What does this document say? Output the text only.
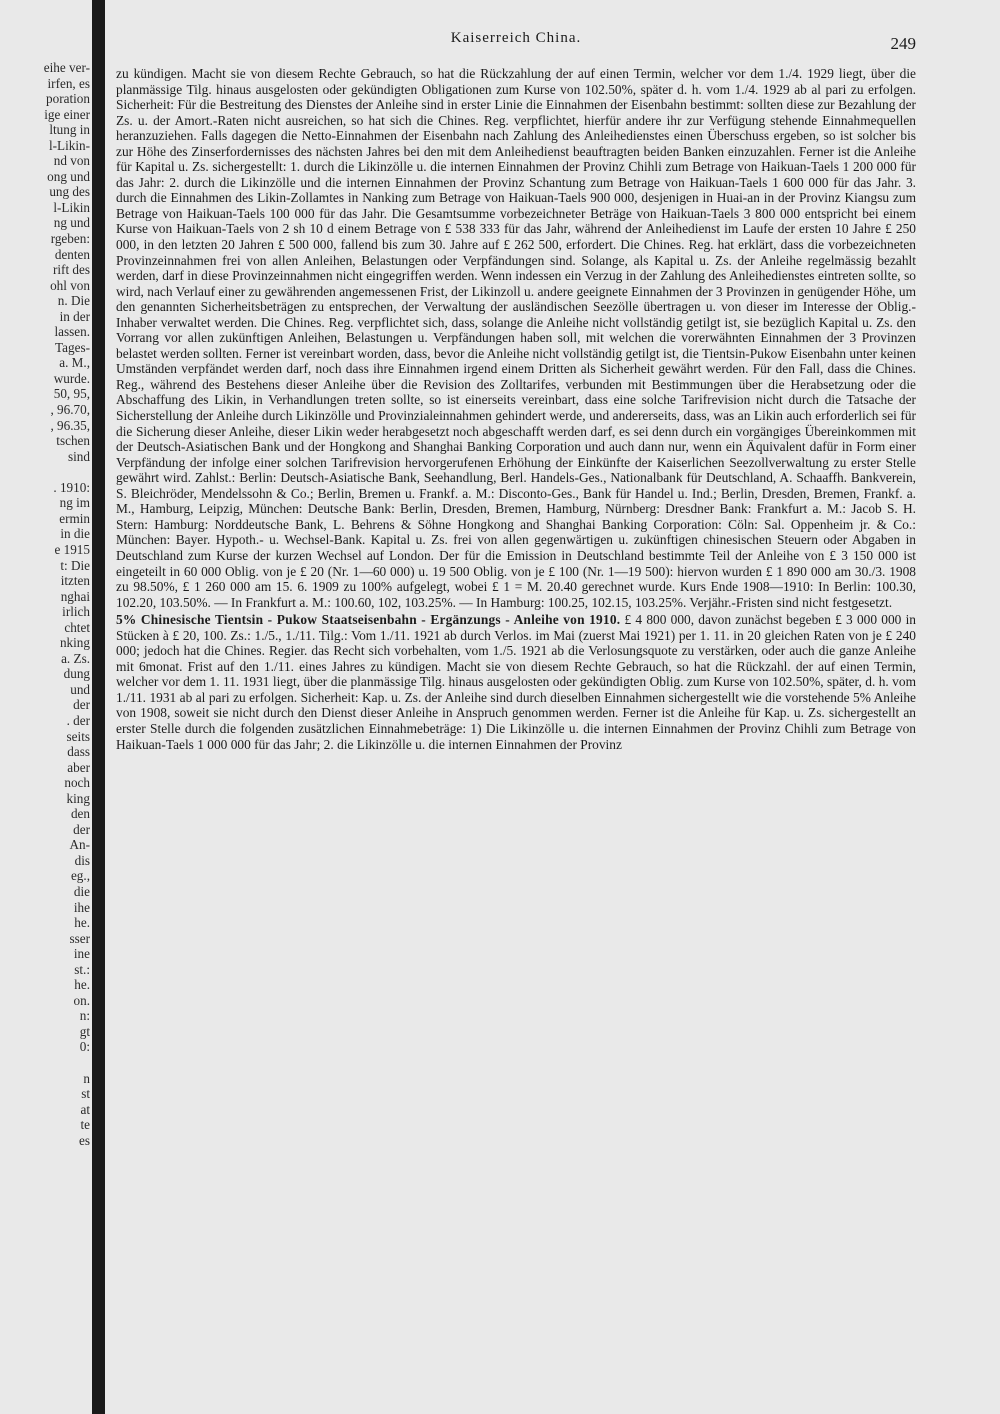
eihe ver-
irfen, es
poration
ige einer
ltung in
l-Likin-
nd von
ong und
ung des
l-Likin
ng und
rgeben:
denten
rift des
ohl von
n. Die
in der
lassen.
Tages-
a. M.,
wurde.
50, 95,
, 96.70,
, 96.35,
tschen
sind
. 1910:
ng im
ermin
in die
e 1915
t: Die
itzten
nghai
irlich
chtet
nking
a. Zs.
dung
und
der
. der
seits
dass
aber
noch
king
den
der
An-
dis
eg.,
die
ihe
he.
sser
ine
st.:
he.
on.
n:
gt
0:
n
st
at
te
es
Kaiserreich China.	249

zu kündigen. Macht sie von diesem Rechte Gebrauch, so hat die Rückzahlung der auf einen Termin, welcher vor dem 1./4. 1929 liegt, über die planmässige Tilg. hinaus ausgelosten oder gekündigten Obligationen zum Kurse von 102.50%, später d. h. vom 1./4. 1929 ab al pari zu erfolgen. Sicherheit: Für die Bestreitung des Dienstes der Anleihe sind in erster Linie die Einnahmen der Eisenbahn bestimmt: sollten diese zur Bezahlung der Zs. u. der Amort.-Raten nicht ausreichen, so hat sich die Chines. Reg. verpflichtet, hierfür andere ihr zur Verfügung stehende Einnahmequellen heranzuziehen. Falls dagegen die Netto-Einnahmen der Eisenbahn nach Zahlung des Anleihedienstes einen Überschuss ergeben, so ist solcher bis zur Höhe des Zinserfordernisses des nächsten Jahres bei den mit dem Anleihedienst beauftragten beiden Banken einzuzahlen. Ferner ist die Anleihe für Kapital u. Zs. sichergestellt: 1. durch die Likinzölle u. die internen Einnahmen der Provinz Chihli zum Betrage von Haikuan-Taels 1 200 000 für das Jahr: 2. durch die Likinzölle und die internen Einnahmen der Provinz Schantung zum Betrage von Haikuan-Taels 1 600 000 für das Jahr. 3. durch die Einnahmen des Likin-Zollamtes in Nanking zum Betrage von Haikuan-Taels 900 000, desjenigen in Huai-an in der Provinz Kiangsu zum Betrage von Haikuan-Taels 100 000 für das Jahr. Die Gesamtsumme vorbezeichneter Beträge von Haikuan-Taels 3 800 000 entspricht bei einem Kurse von Haikuan-Taels von 2 sh 10 d einem Betrage von £ 538 333 für das Jahr, während der Anleihedienst im Laufe der ersten 10 Jahre £ 250 000, in den letzten 20 Jahren £ 500 000, fallend bis zum 30. Jahre auf £ 262 500, erfordert. Die Chines. Reg. hat erklärt, dass die vorbezeichneten Provinzeinnahmen frei von allen Anleihen, Belastungen oder Verpfändungen sind. Solange, als Kapital u. Zs. der Anleihe regelmässig bezahlt werden, darf in diese Provinzeinnahmen nicht eingegriffen werden. Wenn indessen ein Verzug in der Zahlung des Anleihedienstes eintreten sollte, so wird, nach Verlauf einer zu gewährenden angemessenen Frist, der Likinzoll u. andere geeignete Einnahmen der 3 Provinzen in genügender Höhe, um den genannten Sicherheitsbeträgen zu entsprechen, der Verwaltung der ausländischen Seezölle übertragen u. von dieser im Interesse der Oblig.-Inhaber verwaltet werden. Die Chines. Reg. verpflichtet sich, dass, solange die Anleihe nicht vollständig getilgt ist, sie bezüglich Kapital u. Zs. den Vorrang vor allen zukünftigen Anleihen, Belastungen u. Verpfändungen haben soll, mit welchen die vorerwähnten Einnahmen der 3 Provinzen belastet werden sollten. Ferner ist vereinbart worden, dass, bevor die Anleihe nicht vollständig getilgt ist, die Tientsin-Pukow Eisenbahn unter keinen Umständen verpfändet werden darf, noch dass ihre Einnahmen irgend einem Dritten als Sicherheit gewährt werden. Für den Fall, dass die Chines. Reg., während des Bestehens dieser Anleihe über die Revision des Zolltarifes, verbunden mit Bestimmungen über die Herabsetzung oder die Abschaffung des Likin, in Verhandlungen treten sollte, so ist einerseits vereinbart, dass eine solche Tarifrevision nicht durch die Tatsache der Sicherstellung der Anleihe durch Likinzölle und Provinzialeinnahmen gehindert werde, und andererseits, dass, was an Likin auch erforderlich sei für die Sicherung dieser Anleihe, dieser Likin weder herabgesetzt noch abgeschafft werden darf, es sei denn durch ein vorgängiges Übereinkommen mit der Deutsch-Asiatischen Bank und der Hongkong and Shanghai Banking Corporation und auch dann nur, wenn ein Äquivalent dafür in Form einer Verpfändung der infolge einer solchen Tarifrevision hervorgerufenen Erhöhung der Einkünfte der Kaiserlichen Seezollverwaltung zu erster Stelle gewährt wird. Zahlst.: Berlin: Deutsch-Asiatische Bank, Seehandlung, Berl. Handels-Ges., Nationalbank für Deutschland, A. Schaaffh. Bankverein, S. Bleichröder, Mendelssohn & Co.; Berlin, Bremen u. Frankf. a. M.: Disconto-Ges., Bank für Handel u. Ind.; Berlin, Dresden, Bremen, Frankf. a. M., Hamburg, Leipzig, München: Deutsche Bank: Berlin, Dresden, Bremen, Hamburg, Nürnberg: Dresdner Bank: Frankfurt a. M.: Jacob S. H. Stern: Hamburg: Norddeutsche Bank, L. Behrens & Söhne Hongkong and Shanghai Banking Corporation: Cöln: Sal. Oppenheim jr. & Co.: München: Bayer. Hypoth.- u. Wechsel-Bank. Kapital u. Zs. frei von allen gegenwärtigen u. zukünftigen chinesischen Steuern oder Abgaben in Deutschland zum Kurse der kurzen Wechsel auf London. Der für die Emission in Deutschland bestimmte Teil der Anleihe von £ 3 150 000 ist eingeteilt in 60 000 Oblig. von je £ 20 (Nr. 1—60 000) u. 19 500 Oblig. von je £ 100 (Nr. 1—19 500): hiervon wurden £ 1 890 000 am 30./3. 1908 zu 98.50%, £ 1 260 000 am 15. 6. 1909 zu 100% aufgelegt, wobei £ 1 = M. 20.40 gerechnet wurde. Kurs Ende 1908—1910: In Berlin: 100.30, 102.20, 103.50%. — In Frankfurt a. M.: 100.60, 102, 103.25%. — In Hamburg: 100.25, 102.15, 103.25%. Verjähr.-Fristen sind nicht festgesetzt.

5% Chinesische Tientsin - Pukow Staatseisenbahn - Ergänzungs - Anleihe von 1910. £ 4 800 000, davon zunächst begeben £ 3 000 000 in Stücken à £ 20, 100. Zs.: 1./5., 1./11. Tilg.: Vom 1./11. 1921 ab durch Verlos. im Mai (zuerst Mai 1921) per 1. 11. in 20 gleichen Raten von je £ 240 000; jedoch hat die Chines. Regier. das Recht sich vorbehalten, vom 1./5. 1921 ab die Verlosungsquote zu verstärken, oder auch die ganze Anleihe mit 6monat. Frist auf den 1./11. eines Jahres zu kündigen. Macht sie von diesem Rechte Gebrauch, so hat die Rückzahl. der auf einen Termin, welcher vor dem 1. 11. 1931 liegt, über die planmässige Tilg. hinaus ausgelosten oder gekündigten Oblig. zum Kurse von 102.50%, später, d. h. vom 1./11. 1931 ab al pari zu erfolgen. Sicherheit: Kap. u. Zs. der Anleihe sind durch dieselben Einnahmen sichergestellt wie die vorstehende 5% Anleihe von 1908, soweit sie nicht durch den Dienst dieser Anleihe in Anspruch genommen werden. Ferner ist die Anleihe für Kap. u. Zs. sichergestellt an erster Stelle durch die folgenden zusätzlichen Einnahmebeträge: 1) Die Likinzölle u. die internen Einnahmen der Provinz Chihli zum Betrage von Haikuan-Taels 1 000 000 für das Jahr; 2. die Likinzölle u. die internen Einnahmen der Provinz
